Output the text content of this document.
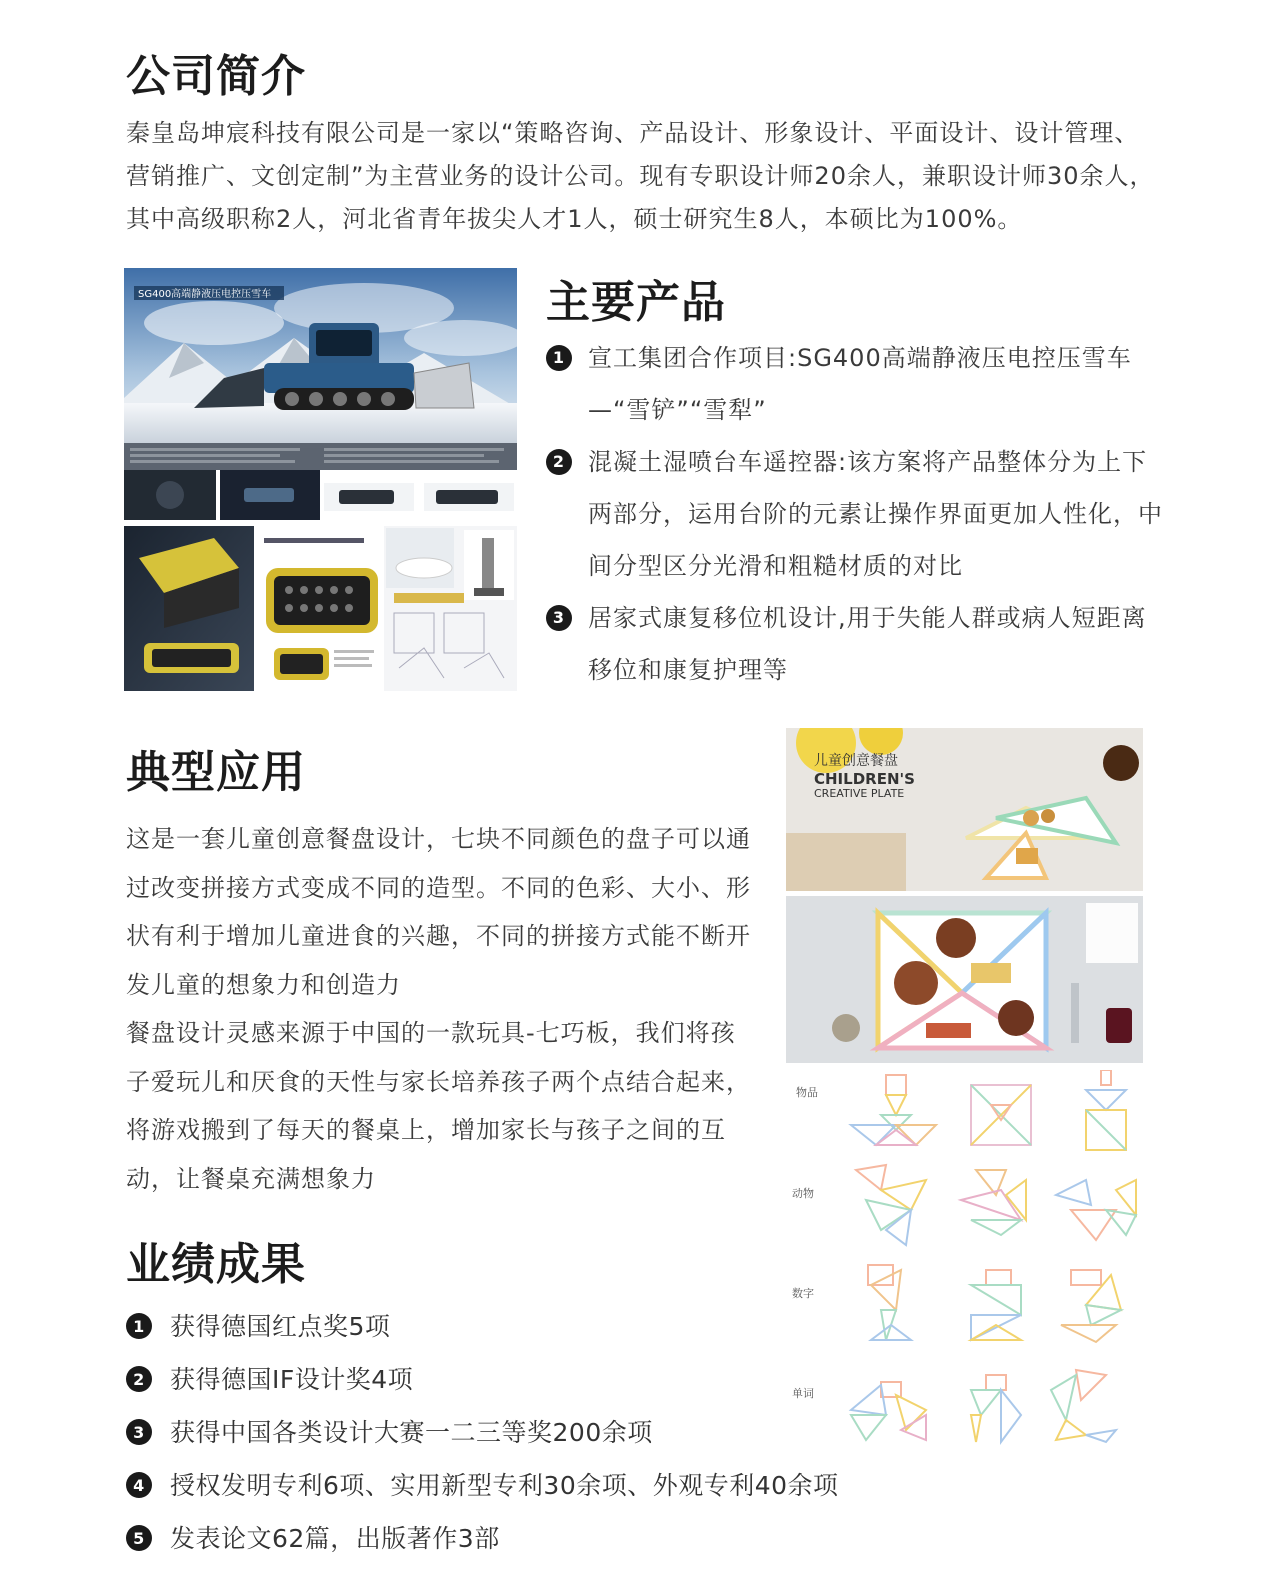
公司简介
秦皇岛坤宸科技有限公司是一家以“策略咨询、产品设计、形象设计、平面设计、设计管理、营销推广、文创定制”为主营业务的设计公司。现有专职设计师20余人，兼职设计师30余人，其中高级职称2人，河北省青年拔尖人才1人，硕士研究生8人，本硕比为100%。
SG400高端静液压电控压雪车	主要产品
1 宣工集团合作项目:SG400高端静液压电控压雪车—“雪铲”“雪犁”
2 混凝土湿喷台车遥控器:该方案将产品整体分为上下两部分，运用台阶的元素让操作界面更加人性化，中间分型区分光滑和粗糙材质的对比
3 居家式康复移位机设计,用于失能人群或病人短距离移位和康复护理等
典型应用
这是一套儿童创意餐盘设计，七块不同颜色的盘子可以通过改变拼接方式变成不同的造型。不同的色彩、大小、形状有利于增加儿童进食的兴趣，不同的拼接方式能不断开发儿童的想象力和创造力
餐盘设计灵感来源于中国的一款玩具-七巧板，我们将孩子爱玩儿和厌食的天性与家长培养孩子两个点结合起来，将游戏搬到了每天的餐桌上，增加家长与孩子之间的互动，让餐桌充满想象力
儿童创意餐盘
CHILDREN'S
CREATIVE PLATE
物品
动物
数字
单词
业绩成果
1 获得德国红点奖5项
2 获得德国IF设计奖4项
3 获得中国各类设计大赛一二三等奖200余项
4 授权发明专利6项、实用新型专利30余项、外观专利40余项
5 发表论文62篇，出版著作3部
